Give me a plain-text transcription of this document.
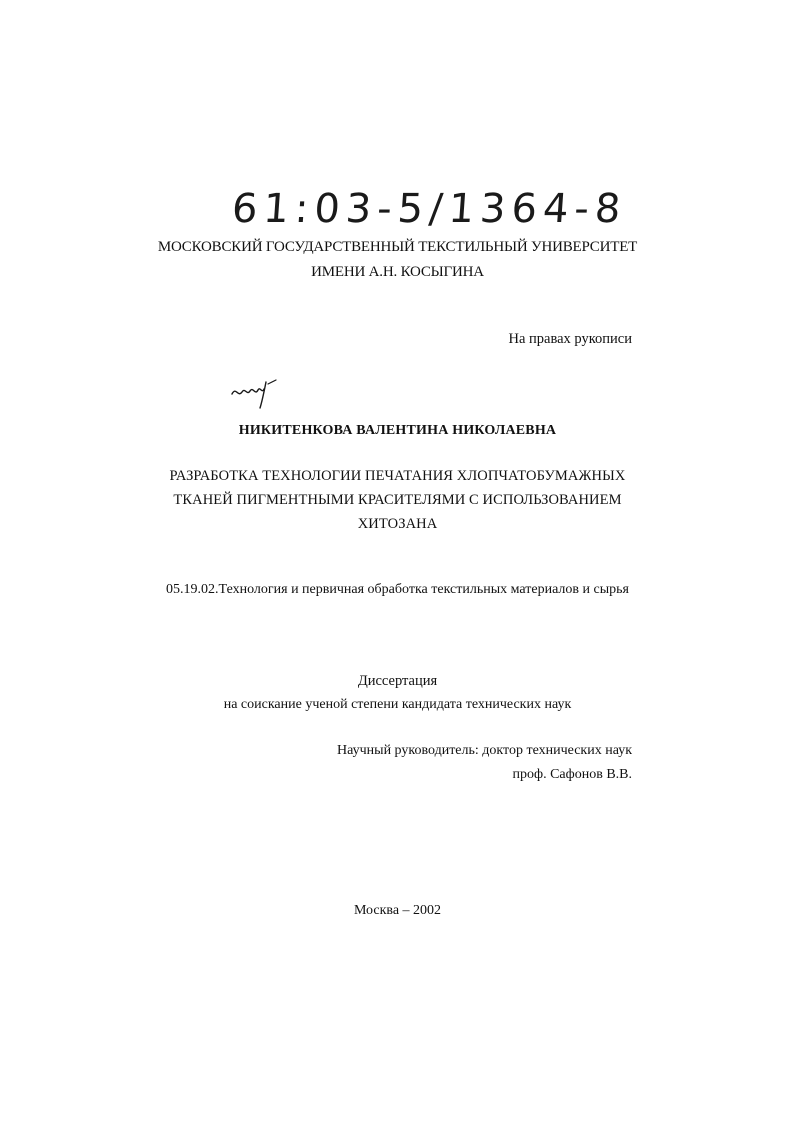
61:03-5/1364-8
МОСКОВСКИЙ ГОСУДАРСТВЕННЫЙ ТЕКСТИЛЬНЫЙ УНИВЕРСИТЕТ
ИМЕНИ А.Н. КОСЫГИНА
На правах рукописи
НИКИТЕНКОВА ВАЛЕНТИНА НИКОЛАЕВНА
РАЗРАБОТКА ТЕХНОЛОГИИ ПЕЧАТАНИЯ ХЛОПЧАТОБУМАЖНЫХ
ТКАНЕЙ ПИГМЕНТНЫМИ КРАСИТЕЛЯМИ С ИСПОЛЬЗОВАНИЕМ
ХИТОЗАНА
05.19.02.Технология и первичная обработка текстильных материалов и сырья
Диссертация
на соискание ученой степени кандидата технических наук
Научный руководитель: доктор технических наук
проф. Сафонов В.В.
Москва – 2002
